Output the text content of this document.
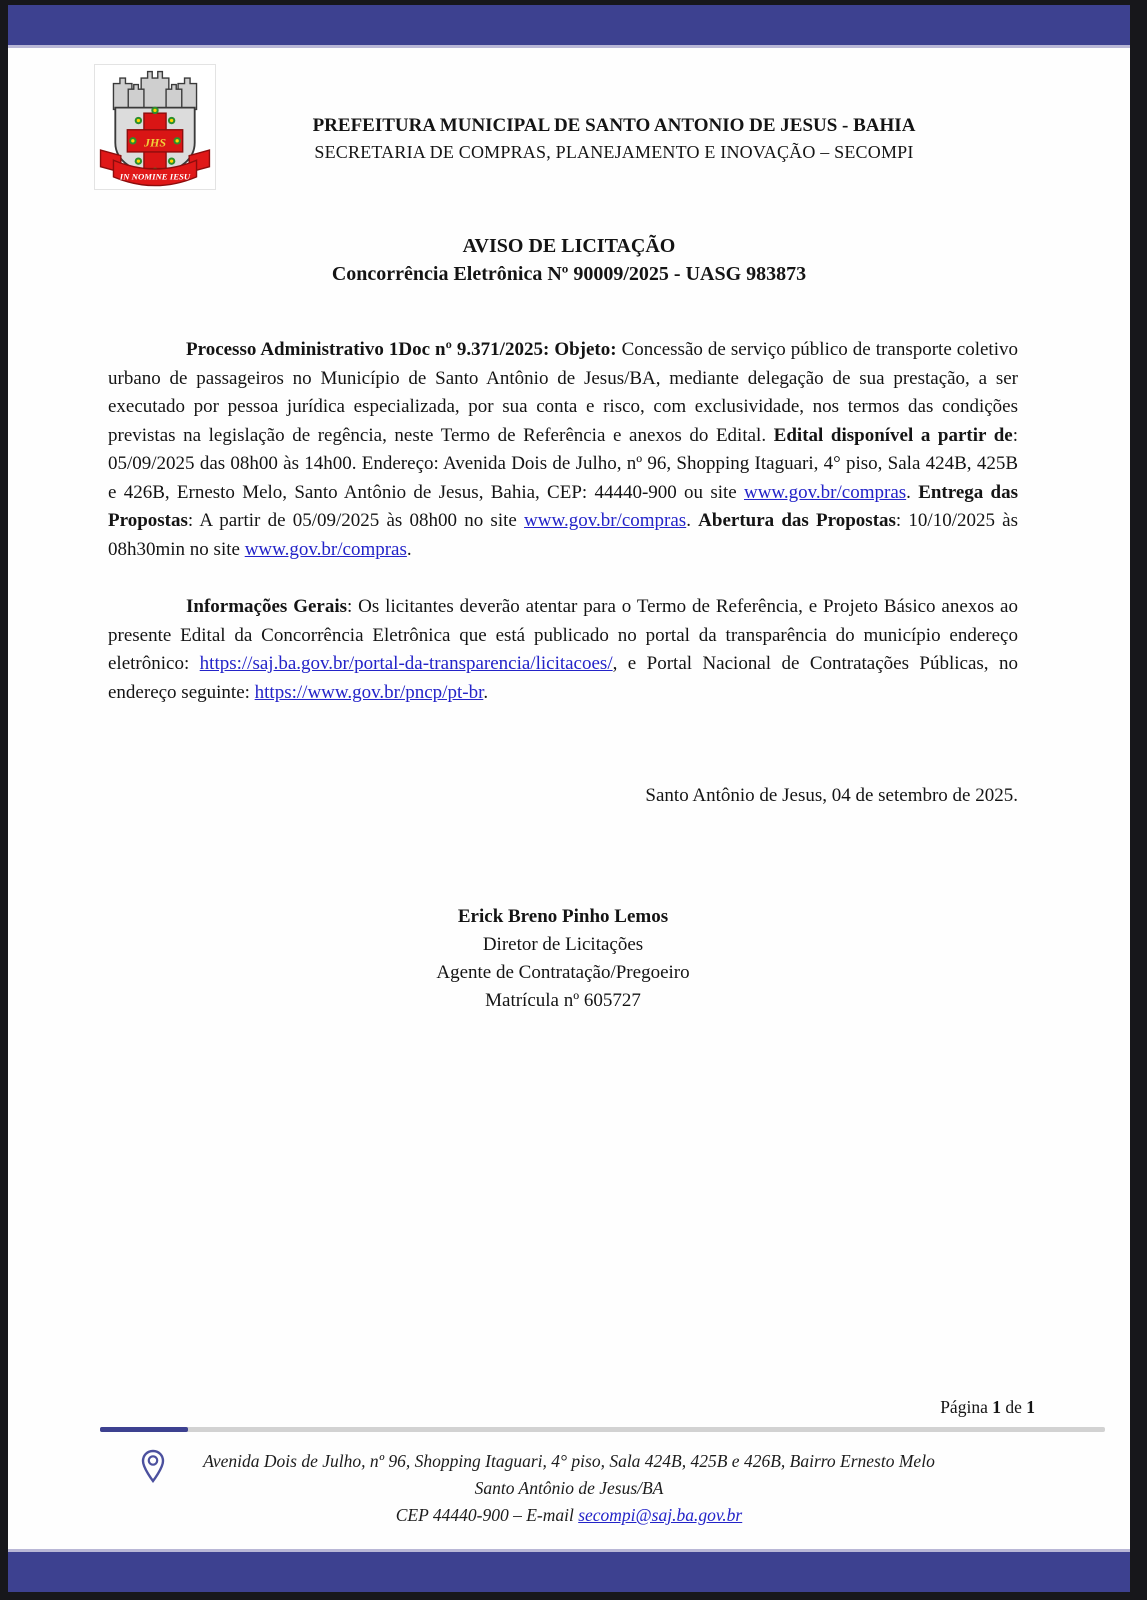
JHS
IN NOMINE IESU
PREFEITURA MUNICIPAL DE SANTO ANTONIO DE JESUS - BAHIA
SECRETARIA DE COMPRAS, PLANEJAMENTO E INOVAÇÃO – SECOMPI
AVISO DE LICITAÇÃO
Concorrência Eletrônica Nº 90009/2025 - UASG 983873

Processo Administrativo 1Doc nº 9.371/2025: Objeto: Concessão de serviço público de transporte coletivo urbano de passageiros no Município de Santo Antônio de Jesus/BA, mediante delegação de sua prestação, a ser executado por pessoa jurídica especializada, por sua conta e risco, com exclusividade, nos termos das condições previstas na legislação de regência, neste Termo de Referência e anexos do Edital. Edital disponível a partir de: 05/09/2025 das 08h00 às 14h00. Endereço: Avenida Dois de Julho, nº 96, Shopping Itaguari, 4° piso, Sala 424B, 425B e 426B, Ernesto Melo, Santo Antônio de Jesus, Bahia, CEP: 44440-900 ou site www.gov.br/compras. Entrega das Propostas: A partir de 05/09/2025 às 08h00 no site www.gov.br/compras. Abertura das Propostas: 10/10/2025 às 08h30min no site www.gov.br/compras.

Informações Gerais: Os licitantes deverão atentar para o Termo de Referência, e Projeto Básico anexos ao presente Edital da Concorrência Eletrônica que está publicado no portal da transparência do município endereço eletrônico: https://saj.ba.gov.br/portal-da-transparencia/licitacoes/, e Portal Nacional de Contratações Públicas, no endereço seguinte: https://www.gov.br/pncp/pt-br.

Santo Antônio de Jesus, 04 de setembro de 2025.
Erick Breno Pinho Lemos
Diretor de Licitações
Agente de Contratação/Pregoeiro
Matrícula nº 605727
Página 1 de 1
Avenida Dois de Julho, nº 96, Shopping Itaguari, 4° piso, Sala 424B, 425B e 426B, Bairro Ernesto Melo
Santo Antônio de Jesus/BA
CEP 44440-900 – E-mail secompi@saj.ba.gov.br
